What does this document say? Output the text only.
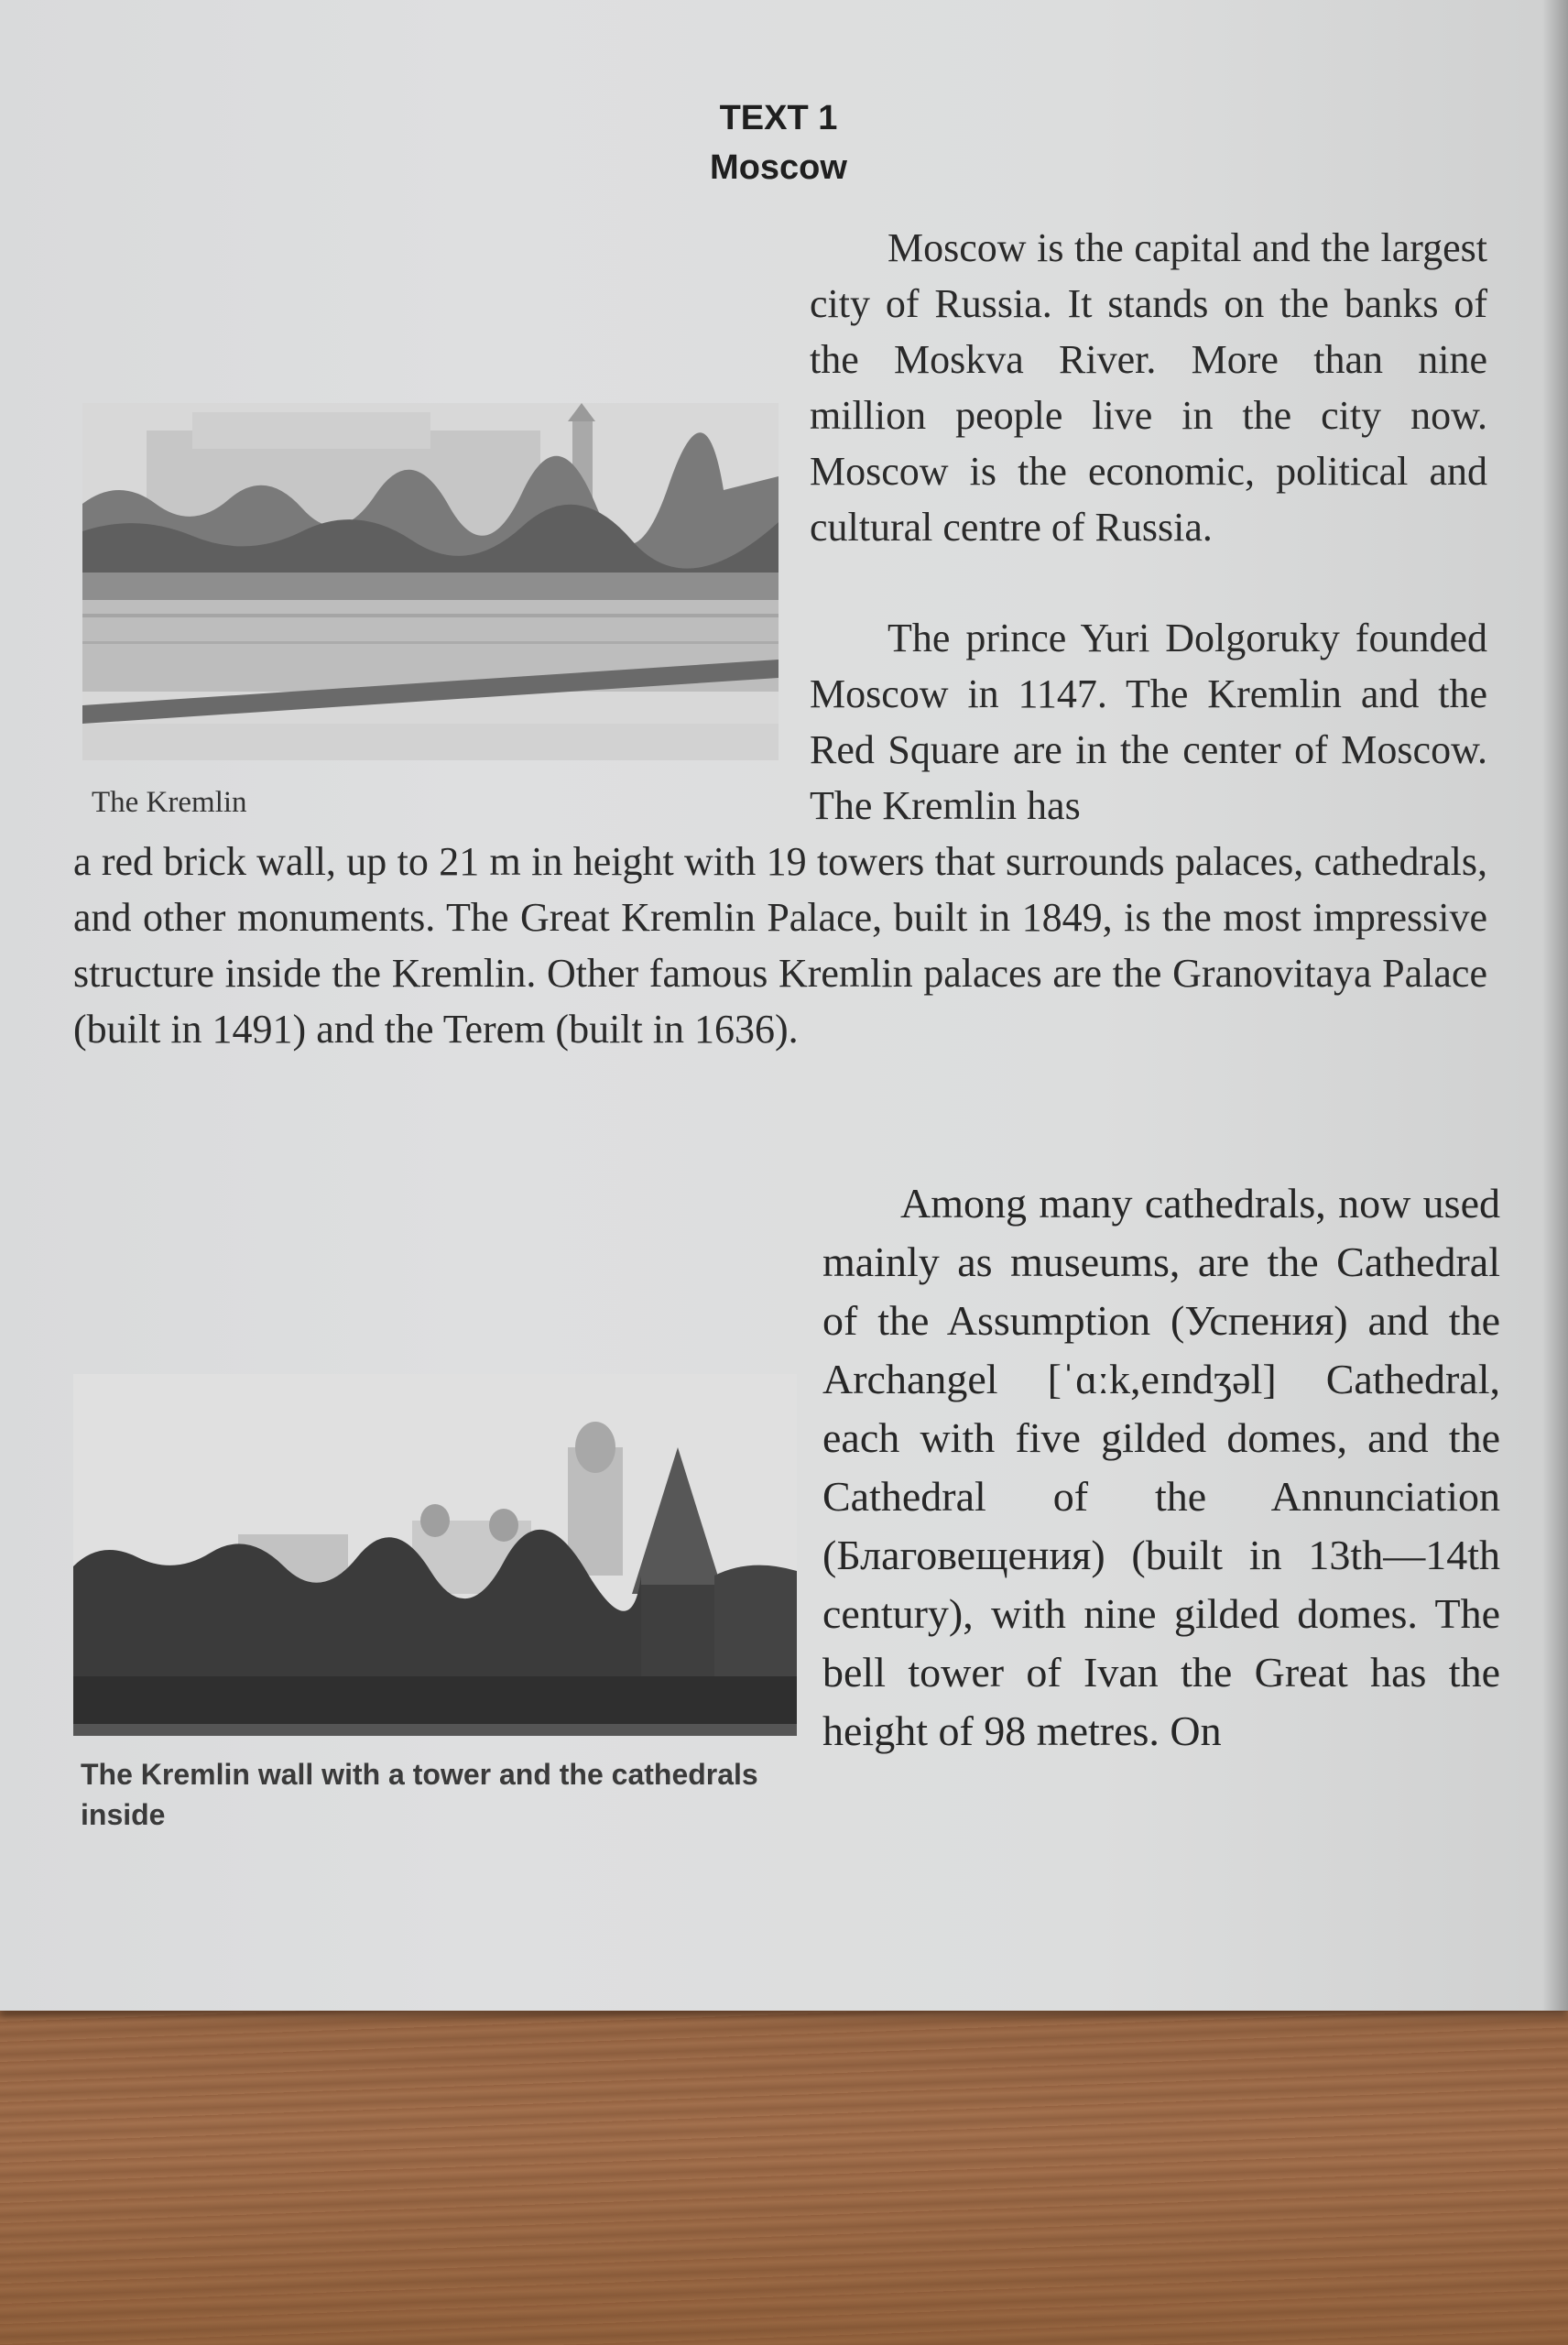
TEXT 1
Moscow

Moscow is the capital and the largest city of Russia. It stands on the banks of the Moskva River. More than nine million people live in the city now. Moscow is the economic, political and cultural centre of Russia.

The prince Yuri Dolgoruky founded Moscow in 1147. The Kremlin and the Red Square are in the center of Moscow. The Kremlin has

The Kremlin

a red brick wall, up to 21 m in height with 19 towers that surrounds palaces, cathedrals, and other monuments. The Great Kremlin Palace, built in 1849, is the most impressive structure inside the Kremlin. Other famous Kremlin palaces are the Granovitaya Palace (built in 1491) and the Terem (built in 1636).

The Kremlin wall with a tower and the cathedrals inside

Among many cathedrals, now used mainly as museums, are the Cathedral of the Assumption (Успения) and the Archangel [ˈɑːk,eɪndʒəl] Cathedral, each with five gilded domes, and the Cathedral of the Annunciation (Благовещения) (built in 13th—14th century), with nine gilded domes. The bell tower of Ivan the Great has the height of 98 metres. On
